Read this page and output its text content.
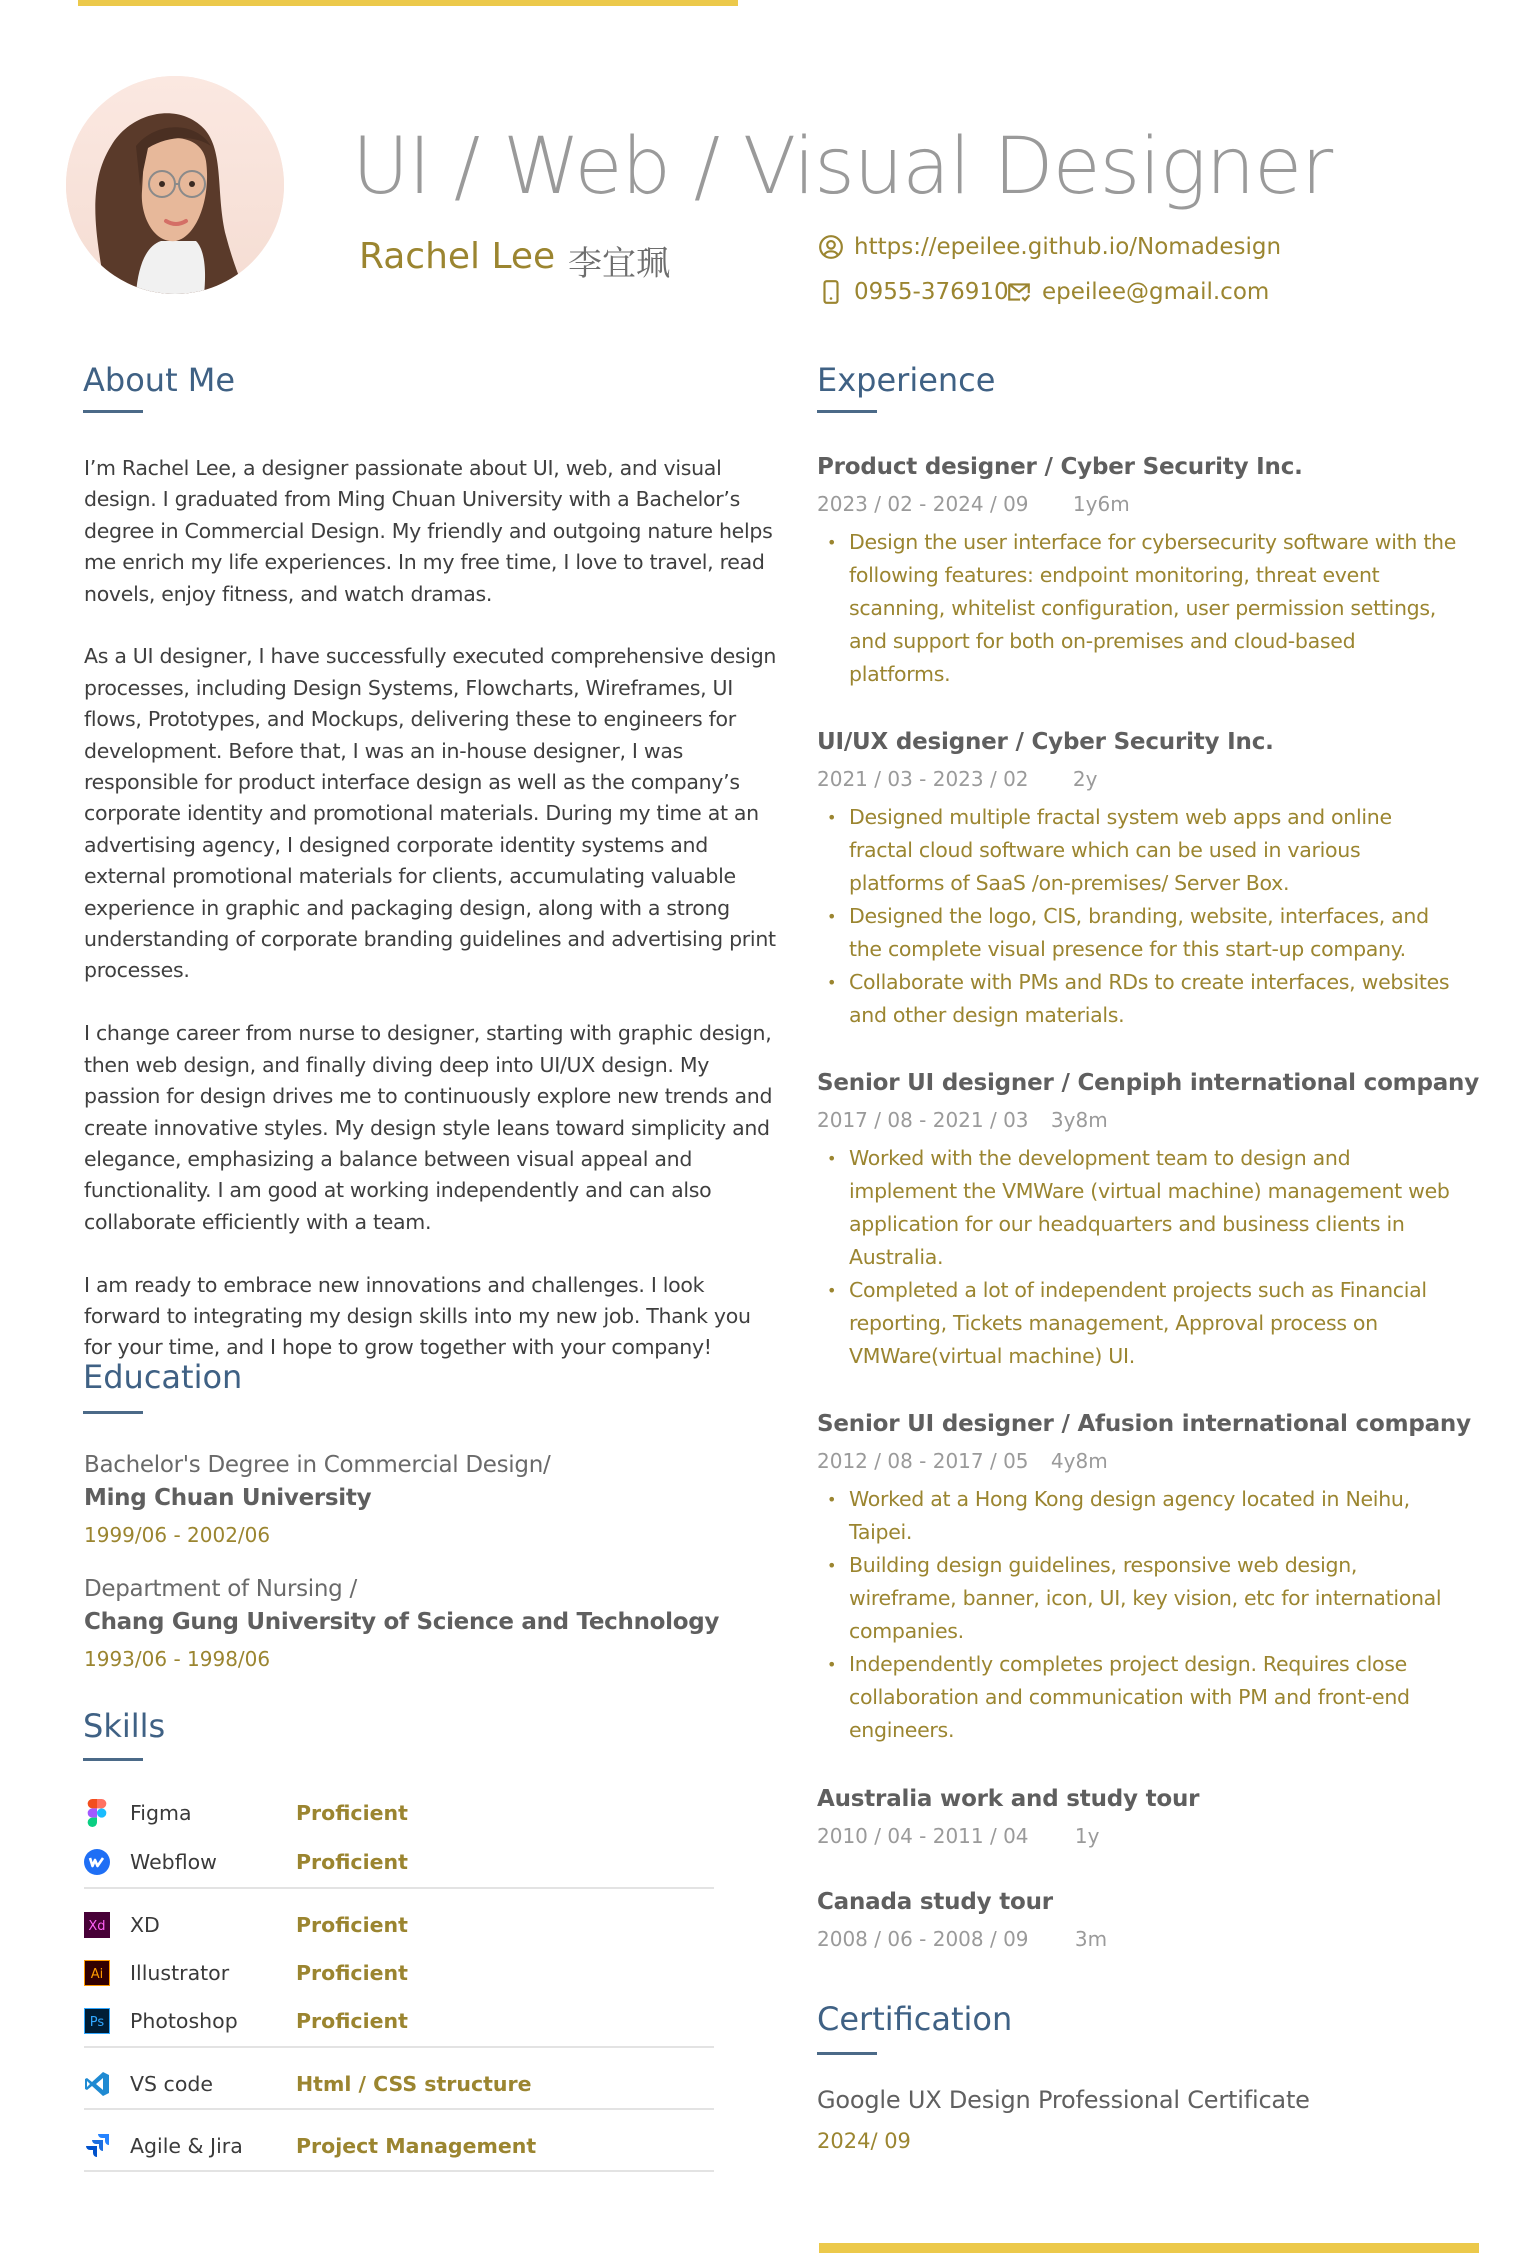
UI / Web / Visual Designer
Rachel Lee 李宜珮	https://epeilee.github.io/Nomadesign
0955-376910 epeilee@gmail.com
About Me

I’m Rachel Lee, a designer passionate about UI, web, and visual design. I graduated from Ming Chuan University with a Bachelor’s degree in Commercial Design. My friendly and outgoing nature helps me enrich my life experiences. In my free time, I love to travel, read novels, enjoy fitness, and watch dramas.

As a UI designer, I have successfully executed comprehensive design processes, including Design Systems, Flowcharts, Wireframes, UI flows, Prototypes, and Mockups, delivering these to engineers for development. Before that, I was an in-house designer, I was responsible for product interface design as well as the company’s corporate identity and promotional materials. During my time at an advertising agency, I designed corporate identity systems and external promotional materials for clients, accumulating valuable experience in graphic and packaging design, along with a strong understanding of corporate branding guidelines and advertising print processes.

I change career from nurse to designer, starting with graphic design, then web design, and finally diving deep into UI/UX design. My passion for design drives me to continuously explore new trends and create innovative styles. My design style leans toward simplicity and elegance, emphasizing a balance between visual appeal and functionality. I am good at working independently and can also collaborate efficiently with a team.

I am ready to embrace new innovations and challenges. I look forward to integrating my design skills into my new job. Thank you for your time, and I hope to grow together with your company!

Education
Bachelor's Degree in Commercial Design/
Ming Chuan University
1999/06 - 2002/06
Department of Nursing /
Chang Gung University of Science and Technology
1993/06 - 1998/06
Skills
Figma	Proficient
Webflow	Proficient
Xd XD	Proficient
Ai Illustrator	Proficient
Ps Photoshop	Proficient
VS code	Html / CSS structure
Agile & Jira	Project Management
Experience
Product designer / Cyber Security Inc.
2023 / 02 - 2024 / 09 1y6m
• Design the user interface for cybersecurity software with the following features: endpoint monitoring, threat event scanning, whitelist configuration, user permission settings, and support for both on-premises and cloud-based platforms.
UI/UX designer / Cyber Security Inc.
2021 / 03 - 2023 / 02 2y
• Designed multiple fractal system web apps and online fractal cloud software which can be used in various platforms of SaaS /on-premises/ Server Box.
• Designed the logo, CIS, branding, website, interfaces, and the complete visual presence for this start-up company.
• Collaborate with PMs and RDs to create interfaces, websites and other design materials.
Senior UI designer / Cenpiph international company
2017 / 08 - 2021 / 03 3y8m
• Worked with the development team to design and implement the VMWare (virtual machine) management web application for our headquarters and business clients in Australia.
• Completed a lot of independent projects such as Financial reporting, Tickets management, Approval process on VMWare(virtual machine) UI.
Senior UI designer / Afusion international company
2012 / 08 - 2017 / 05 4y8m
• Worked at a Hong Kong design agency located in Neihu, Taipei.
• Building design guidelines, responsive web design, wireframe, banner, icon, UI, key vision, etc for international companies.
• Independently completes project design. Requires close collaboration and communication with PM and front-end engineers.
Australia work and study tour
2010 / 04 - 2011 / 04 1y
Canada study tour
2008 / 06 - 2008 / 09 3m
Certification
Google UX Design Professional Certificate
2024/ 09
